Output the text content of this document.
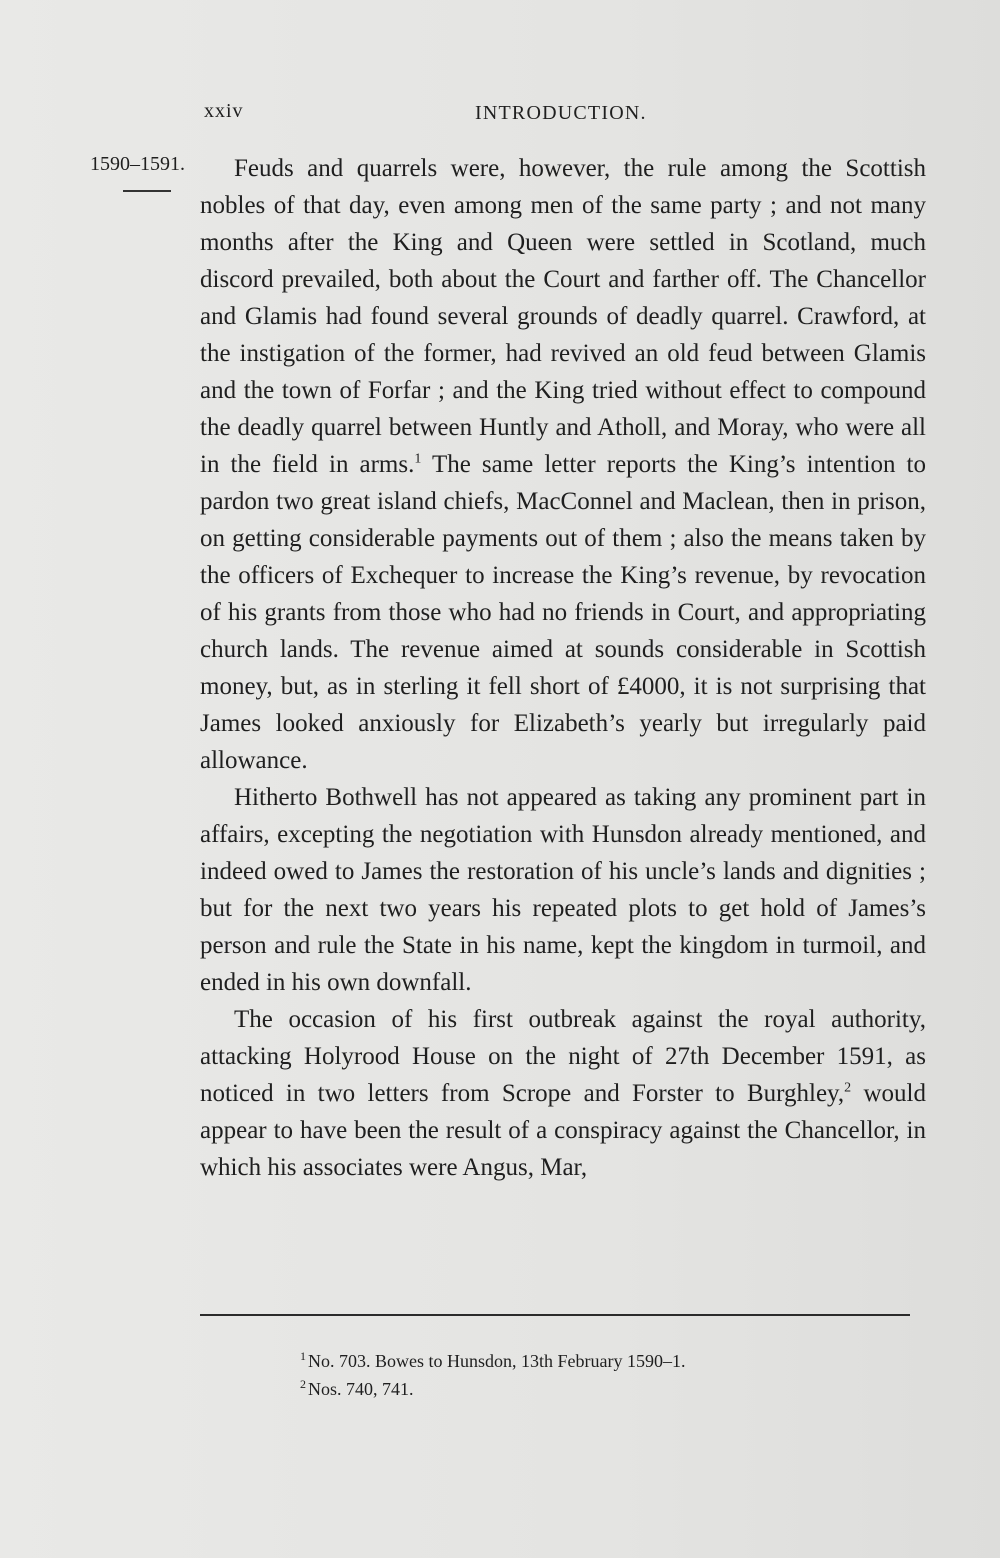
xxiv	INTRODUCTION.
1590–1591.	Feuds and quarrels were, however, the rule among the Scottish nobles of that day, even among men of the same party ; and not many months after the King and Queen were settled in Scotland, much discord prevailed, both about the Court and farther off. The Chancellor and Glamis had found several grounds of deadly quarrel. Crawford, at the instigation of the former, had revived an old feud between Glamis and the town of Forfar ; and the King tried without effect to compound the deadly quarrel between Huntly and Atholl, and Moray, who were all in the field in arms.$^1$ The same letter reports the King’s intention to pardon two great island chiefs, MacConnel and Maclean, then in prison, on getting considerable payments out of them ; also the means taken by the officers of Exchequer to increase the King’s revenue, by revocation of his grants from those who had no friends in Court, and appropriating church lands. The revenue aimed at sounds considerable in Scottish money, but, as in sterling it fell short of £4000, it is not surprising that James looked anxiously for Elizabeth’s yearly but irregularly paid allowance.

Hitherto Bothwell has not appeared as taking any prominent part in affairs, excepting the negotiation with Hunsdon already mentioned, and indeed owed to James the restoration of his uncle’s lands and dignities ; but for the next two years his repeated plots to get hold of James’s person and rule the State in his name, kept the kingdom in turmoil, and ended in his own downfall.

The occasion of his first outbreak against the royal authority, attacking Holyrood House on the night of 27th December 1591, as noticed in two letters from Scrope and Forster to Burghley,$^2$ would appear to have been the result of a conspiracy against the Chancellor, in which his associates were Angus, Mar,

$^1$ No. 703. Bowes to Hunsdon, 13th February 1590–1.
$^2$ Nos. 740, 741.
